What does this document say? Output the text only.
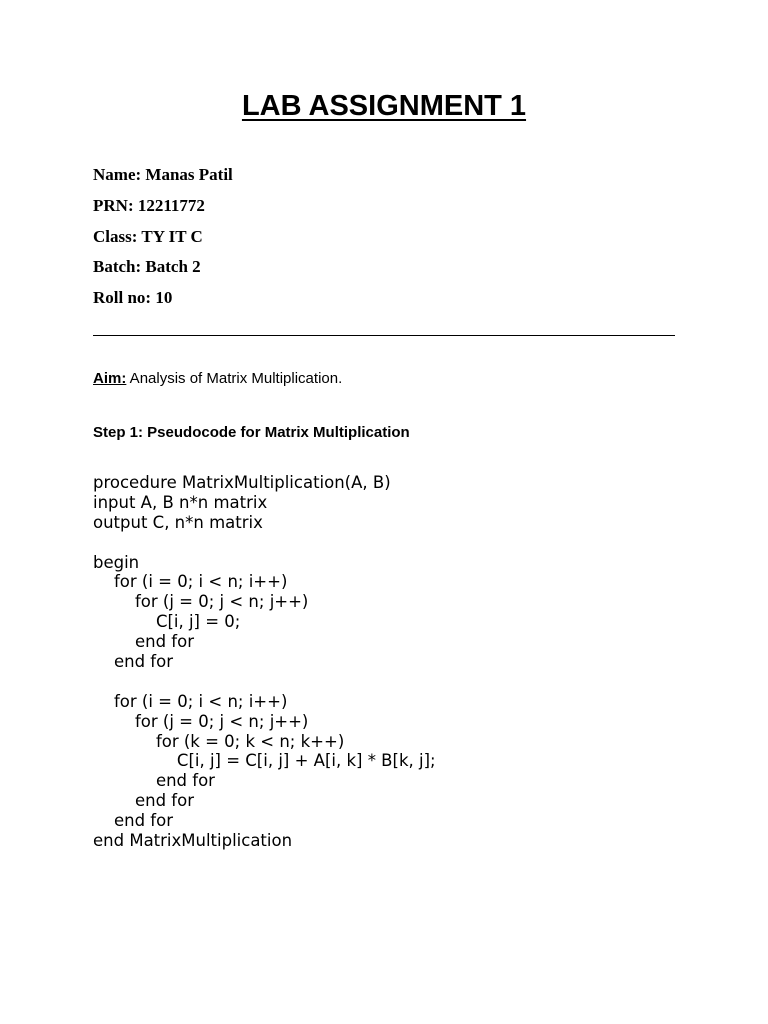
LAB ASSIGNMENT 1
Name: Manas Patil
PRN: 12211772
Class: TY IT C
Batch: Batch 2
Roll no: 10
Aim: Analysis of Matrix Multiplication.
Step 1: Pseudocode for Matrix Multiplication
procedure MatrixMultiplication(A, B)
input A, B n*n matrix
output C, n*n matrix
begin
for (i = 0; i < n; i++)
for (j = 0; j < n; j++)
C[i, j] = 0;
end for
end for
for (i = 0; i < n; i++)
for (j = 0; j < n; j++)
for (k = 0; k < n; k++)
C[i, j] = C[i, j] + A[i, k] * B[k, j];
end for
end for
end for
end MatrixMultiplication
